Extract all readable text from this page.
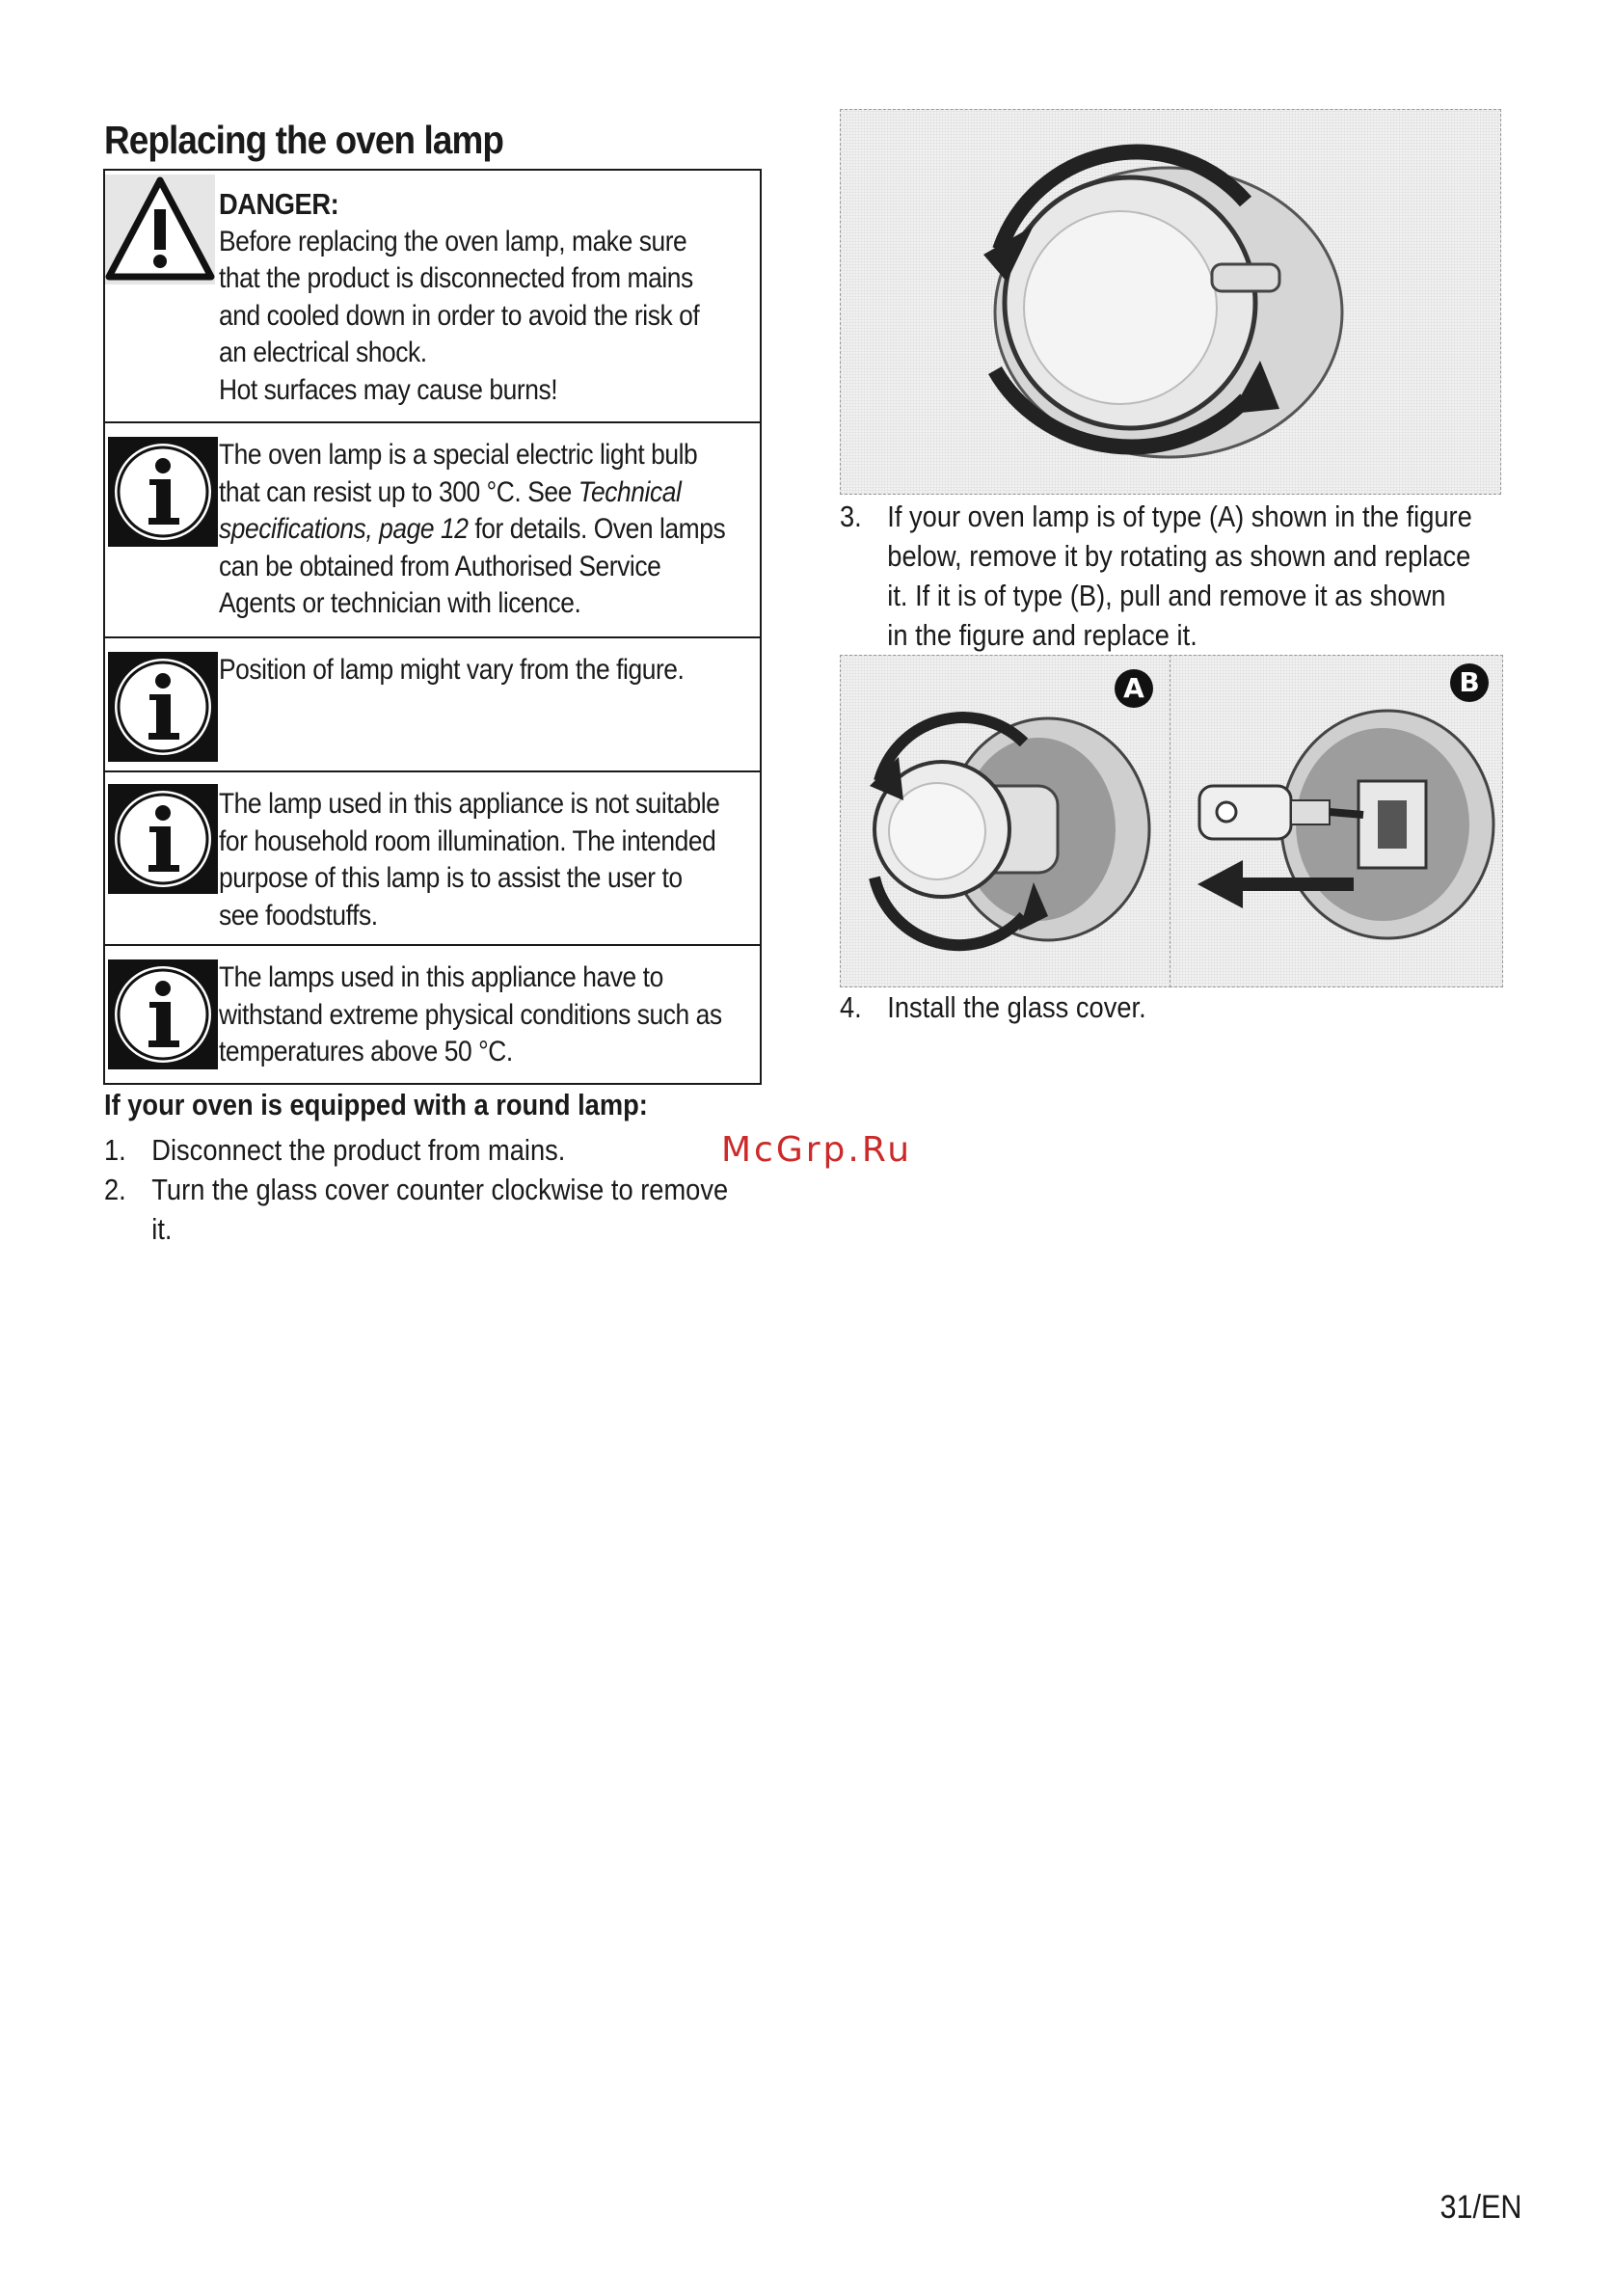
Replacing the oven lamp
DANGER:
Before replacing the oven lamp, make sure
that the product is disconnected from mains
and cooled down in order to avoid the risk of
an electrical shock.
Hot surfaces may cause burns!
The oven lamp is a special electric light bulb
that can resist up to 300 °C. See Technical
specifications, page 12 for details. Oven lamps
can be obtained from Authorised Service
Agents or technician with licence.
Position of lamp might vary from the figure.
The lamp used in this appliance is not suitable
for household room illumination. The intended
purpose of this lamp is to assist the user to
see foodstuffs.
The lamps used in this appliance have to
withstand extreme physical conditions such as
temperatures above 50 °C.
If your oven is equipped with a round lamp:
1. Disconnect the product from mains.
2. Turn the glass cover counter clockwise to remove
it.
McGrp.Ru
3. If your oven lamp is of type (A) shown in the figure
below, remove it by rotating as shown and replace
it. If it is of type (B), pull and remove it as shown
in the figure and replace it.
A	B
4. Install the glass cover.
31/EN
